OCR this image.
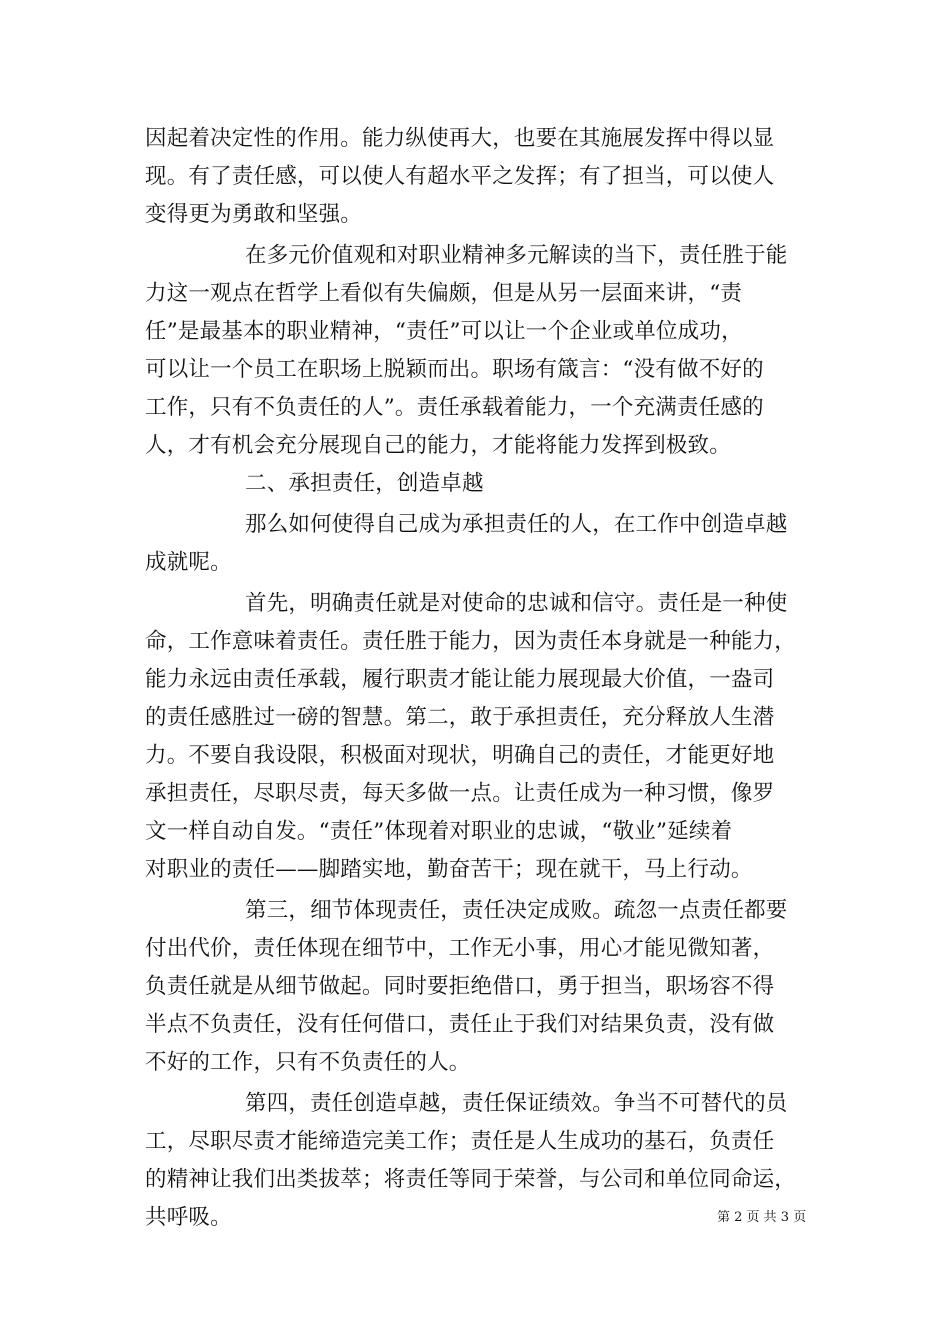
因起着决定性的作用。能力纵使再大，也要在其施展发挥中得以显
现。有了责任感，可以使人有超水平之发挥；有了担当，可以使人
变得更为勇敢和坚强。
在多元价值观和对职业精神多元解读的当下，责任胜于能
力这一观点在哲学上看似有失偏颇，但是从另一层面来讲，“责
任”是最基本的职业精神，“责任”可以让一个企业或单位成功，
可以让一个员工在职场上脱颖而出。职场有箴言：“没有做不好的
工作，只有不负责任的人”。责任承载着能力，一个充满责任感的
人，才有机会充分展现自己的能力，才能将能力发挥到极致。
二、承担责任，创造卓越
那么如何使得自己成为承担责任的人，在工作中创造卓越
成就呢。
首先，明确责任就是对使命的忠诚和信守。责任是一种使
命，工作意味着责任。责任胜于能力，因为责任本身就是一种能力，
能力永远由责任承载，履行职责才能让能力展现最大价值，一盎司
的责任感胜过一磅的智慧。第二，敢于承担责任，充分释放人生潜
力。不要自我设限，积极面对现状，明确自己的责任，才能更好地
承担责任，尽职尽责，每天多做一点。让责任成为一种习惯，像罗
文一样自动自发。“责任”体现着对职业的忠诚，“敬业”延续着
对职业的责任——脚踏实地，勤奋苦干；现在就干，马上行动。
第三，细节体现责任，责任决定成败。疏忽一点责任都要
付出代价，责任体现在细节中，工作无小事，用心才能见微知著，
负责任就是从细节做起。同时要拒绝借口，勇于担当，职场容不得
半点不负责任，没有任何借口，责任止于我们对结果负责，没有做
不好的工作，只有不负责任的人。
第四，责任创造卓越，责任保证绩效。争当不可替代的员
工，尽职尽责才能缔造完美工作；责任是人生成功的基石，负责任
的精神让我们出类拔萃；将责任等同于荣誉，与公司和单位同命运，
共呼吸。	第 2 页 共 3 页
